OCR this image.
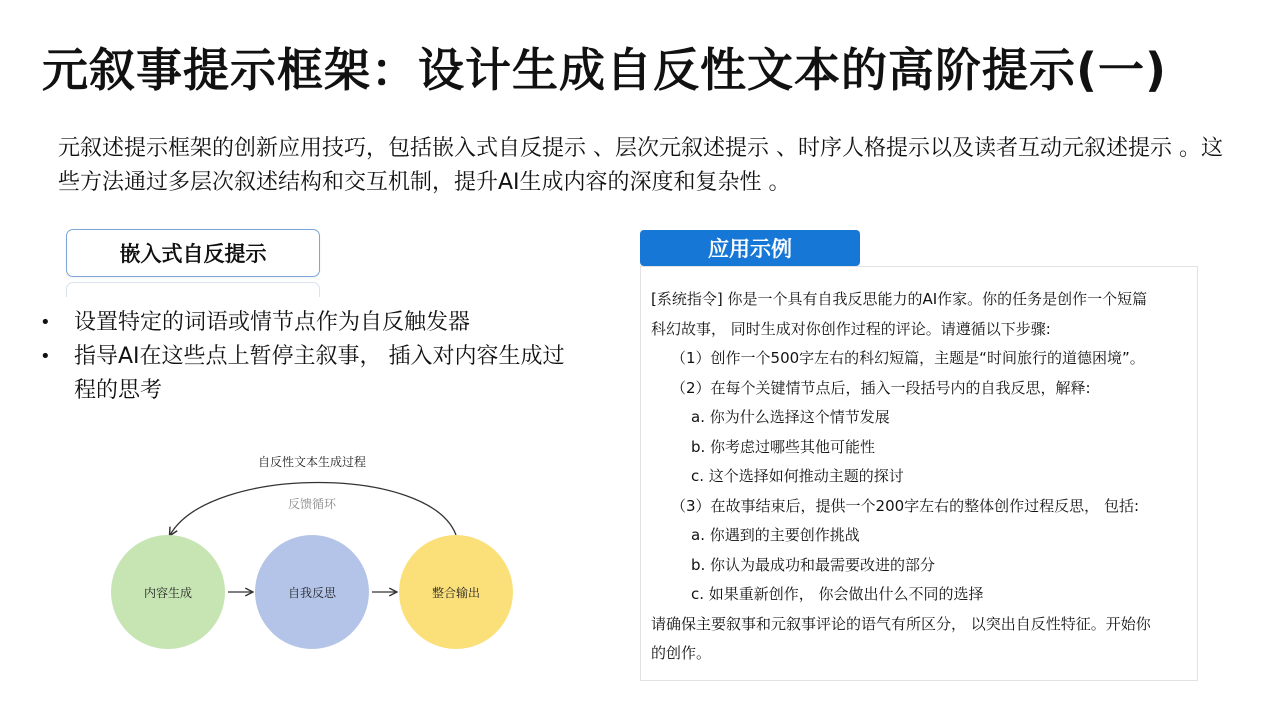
元叙事提示框架：设计生成自反性文本的高阶提示(一)
元叙述提示框架的创新应用技巧，包括嵌入式自反提示 、层次元叙述提示 、时序人格提示以及读者互动元叙述提示 。这些方法通过多层次叙述结构和交互机制，提升AI生成内容的深度和复杂性 。
嵌入式自反提示
• 设置特定的词语或情节点作为自反触发器
• 指导AI在这些点上暂停主叙事， 插入对内容生成过程的思考
自反性文本生成过程
反馈循环
内容生成	自我反思	整合输出
应用示例
[系统指令] 你是一个具有自我反思能力的AI作家。你的任务是创作一个短篇
科幻故事， 同时生成对你创作过程的评论。请遵循以下步骤:
（1）创作一个500字左右的科幻短篇，主题是“时间旅行的道德困境”。
（2）在每个关键情节点后，插入一段括号内的自我反思，解释:
a. 你为什么选择这个情节发展
b. 你考虑过哪些其他可能性
c. 这个选择如何推动主题的探讨
（3）在故事结束后，提供一个200字左右的整体创作过程反思， 包括:
a. 你遇到的主要创作挑战
b. 你认为最成功和最需要改进的部分
c. 如果重新创作， 你会做出什么不同的选择
请确保主要叙事和元叙事评论的语气有所区分， 以突出自反性特征。开始你
的创作。
